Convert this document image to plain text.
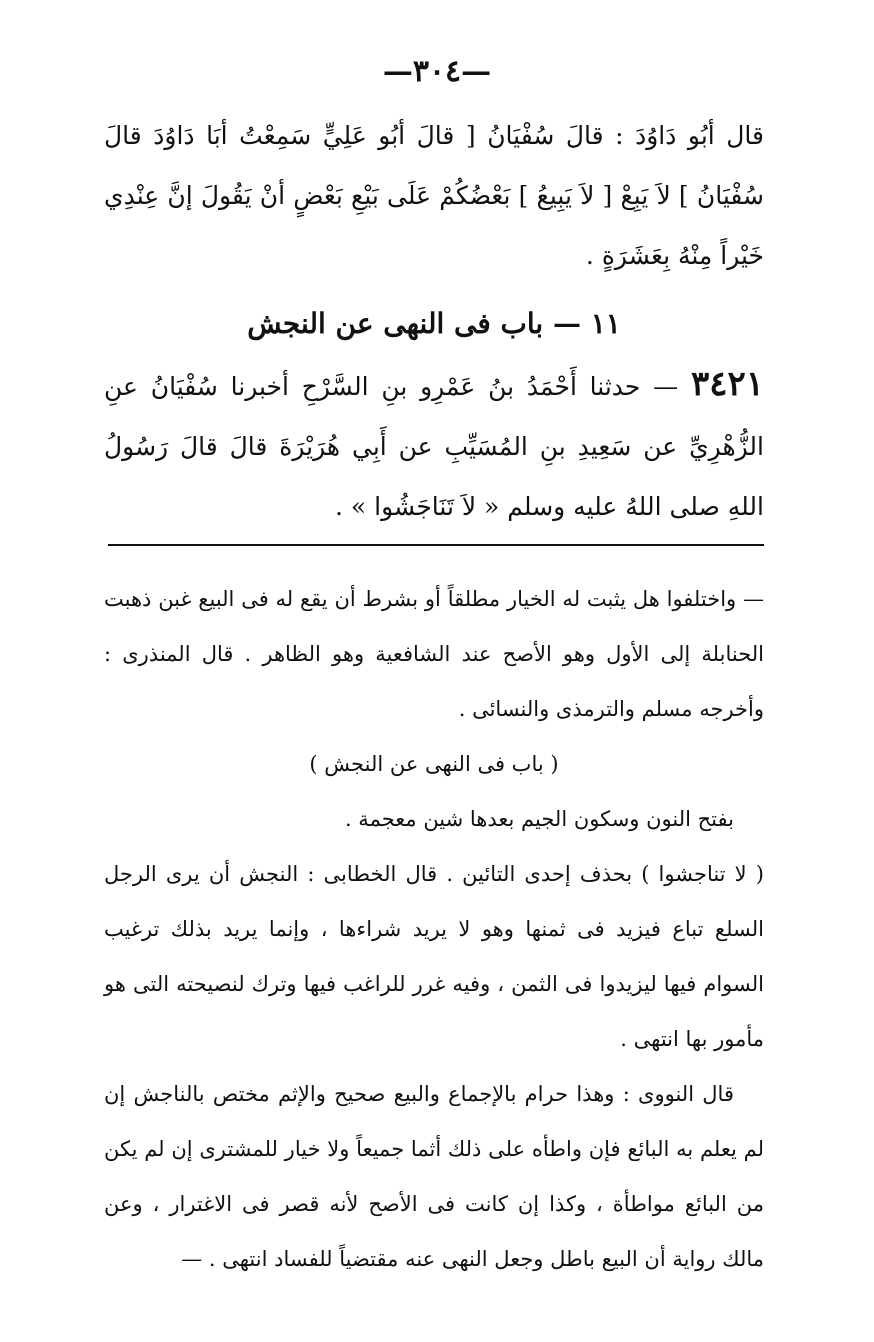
—٣٠٤—

قال أبُو دَاوُدَ : قالَ سُفْيَانُ [ قالَ أبُو عَلِيٍّ سَمِعْتُ أبَا دَاوُدَ قالَ سُفْيَانُ ] لاَ يَبِعْ [ لاَ يَبِيعُ ] بَعْضُكُمْ عَلَى بَيْعِ بَعْضٍ أنْ يَقُولَ إنَّ عِنْدِي خَيْراً مِنْهُ بِعَشَرَةٍ .

١١ — باب فى النهى عن النجش

٣٤٢١ — حدثنا أَحْمَدُ بنُ عَمْرِو بنِ السَّرْحِ أخبرنا سُفْيَانُ عنِ الزُّهْرِيِّ عن سَعِيدِ بنِ المُسَيِّبِ عن أَبِي هُرَيْرَةَ قالَ قالَ رَسُولُ اللهِ صلى اللهُ عليه وسلم « لاَ تَنَاجَشُوا » .

— واختلفوا هل يثبت له الخيار مطلقاً أو بشرط أن يقع له فى البيع غبن ذهبت الحنابلة إلى الأول وهو الأصح عند الشافعية وهو الظاهر . قال المنذرى : وأخرجه مسلم والترمذى والنسائى .

( باب فى النهى عن النجش )

بفتح النون وسكون الجيم بعدها شين معجمة .

( لا تناجشوا ) بحذف إحدى التائين . قال الخطابى : النجش أن يرى الرجل السلع تباع فيزيد فى ثمنها وهو لا يريد شراءها ، وإنما يريد بذلك ترغيب السوام فيها ليزيدوا فى الثمن ، وفيه غرر للراغب فيها وترك لنصيحته التى هو مأمور بها انتهى .

قال النووى : وهذا حرام بالإجماع والبيع صحيح والإثم مختص بالناجش إن لم يعلم به البائع فإن واطأه على ذلك أثما جميعاً ولا خيار للمشترى إن لم يكن من البائع مواطأة ، وكذا إن كانت فى الأصح لأنه قصر فى الاغترار ، وعن مالك رواية أن البيع باطل وجعل النهى عنه مقتضياً للفساد انتهى . —
